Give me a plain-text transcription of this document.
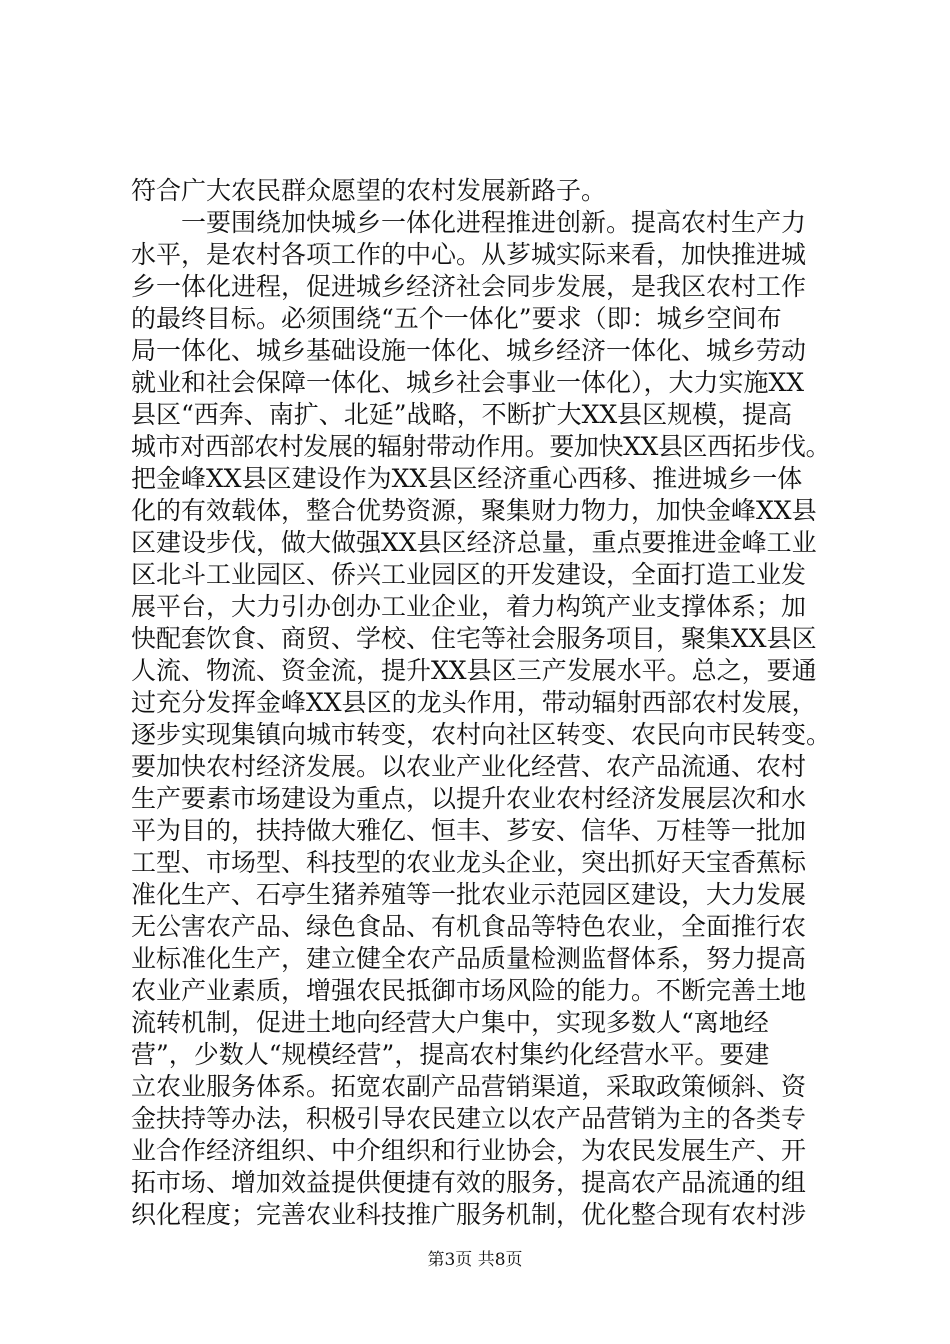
符合广大农民群众愿望的农村发展新路子。
　　一要围绕加快城乡一体化进程推进创新。提高农村生产力
水平，是农村各项工作的中心。从芗城实际来看，加快推进城
乡一体化进程，促进城乡经济社会同步发展，是我区农村工作
的最终目标。必须围绕“五个一体化”要求（即：城乡空间布
局一体化、城乡基础设施一体化、城乡经济一体化、城乡劳动
就业和社会保障一体化、城乡社会事业一体化），大力实施XX
县区“西奔、南扩、北延”战略，不断扩大XX县区规模，提高
城市对西部农村发展的辐射带动作用。要加快XX县区西拓步伐。
把金峰XX县区建设作为XX县区经济重心西移、推进城乡一体
化的有效载体，整合优势资源，聚集财力物力，加快金峰XX县
区建设步伐，做大做强XX县区经济总量，重点要推进金峰工业
区北斗工业园区、侨兴工业园区的开发建设，全面打造工业发
展平台，大力引办创办工业企业，着力构筑产业支撑体系；加
快配套饮食、商贸、学校、住宅等社会服务项目，聚集XX县区
人流、物流、资金流，提升XX县区三产发展水平。总之，要通
过充分发挥金峰XX县区的龙头作用，带动辐射西部农村发展，
逐步实现集镇向城市转变，农村向社区转变、农民向市民转变。
要加快农村经济发展。以农业产业化经营、农产品流通、农村
生产要素市场建设为重点，以提升农业农村经济发展层次和水
平为目的，扶持做大雅亿、恒丰、芗安、信华、万桂等一批加
工型、市场型、科技型的农业龙头企业，突出抓好天宝香蕉标
准化生产、石亭生猪养殖等一批农业示范园区建设，大力发展
无公害农产品、绿色食品、有机食品等特色农业，全面推行农
业标准化生产，建立健全农产品质量检测监督体系，努力提高
农业产业素质，增强农民抵御市场风险的能力。不断完善土地
流转机制，促进土地向经营大户集中，实现多数人“离地经
营”，少数人“规模经营”，提高农村集约化经营水平。要建
立农业服务体系。拓宽农副产品营销渠道，采取政策倾斜、资
金扶持等办法，积极引导农民建立以农产品营销为主的各类专
业合作经济组织、中介组织和行业协会，为农民发展生产、开
拓市场、增加效益提供便捷有效的服务，提高农产品流通的组
织化程度；完善农业科技推广服务机制，优化整合现有农村涉
第3页 共8页
